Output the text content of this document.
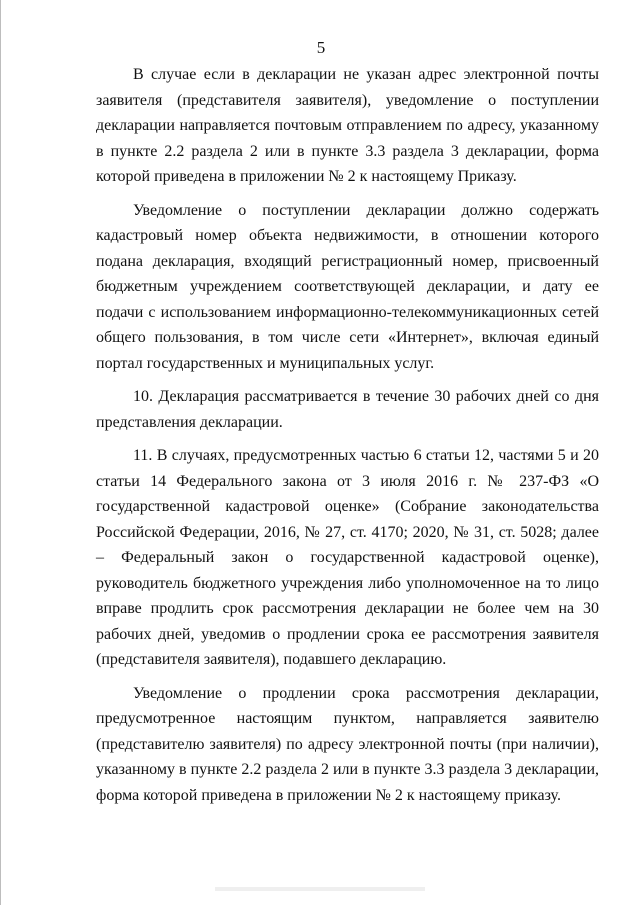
5

В случае если в декларации не указан адрес электронной почты заявителя (представителя заявителя), уведомление о поступлении декларации направляется почтовым отправлением по адресу, указанному в пункте 2.2 раздела 2 или в пункте 3.3 раздела 3 декларации, форма которой приведена в приложении № 2 к настоящему Приказу.

Уведомление о поступлении декларации должно содержать кадастровый номер объекта недвижимости, в отношении которого подана декларация, входящий регистрационный номер, присвоенный бюджетным учреждением соответствующей декларации, и дату ее подачи с использованием информационно-телекоммуникационных сетей общего пользования, в том числе сети «Интернет», включая единый портал государственных и муниципальных услуг.

10. Декларация рассматривается в течение 30 рабочих дней со дня представления декларации.

11. В случаях, предусмотренных частью 6 статьи 12, частями 5 и 20 статьи 14 Федерального закона от 3 июля 2016 г. № 237-ФЗ «О государственной кадастровой оценке» (Собрание законодательства Российской Федерации, 2016, № 27, ст. 4170; 2020, № 31, ст. 5028; далее – Федеральный закон о государственной кадастровой оценке), руководитель бюджетного учреждения либо уполномоченное на то лицо вправе продлить срок рассмотрения декларации не более чем на 30 рабочих дней, уведомив о продлении срока ее рассмотрения заявителя (представителя заявителя), подавшего декларацию.

Уведомление о продлении срока рассмотрения декларации, предусмотренное настоящим пунктом, направляется заявителю (представителю заявителя) по адресу электронной почты (при наличии), указанному в пункте 2.2 раздела 2 или в пункте 3.3 раздела 3 декларации, форма которой приведена в приложении № 2 к настоящему приказу.
